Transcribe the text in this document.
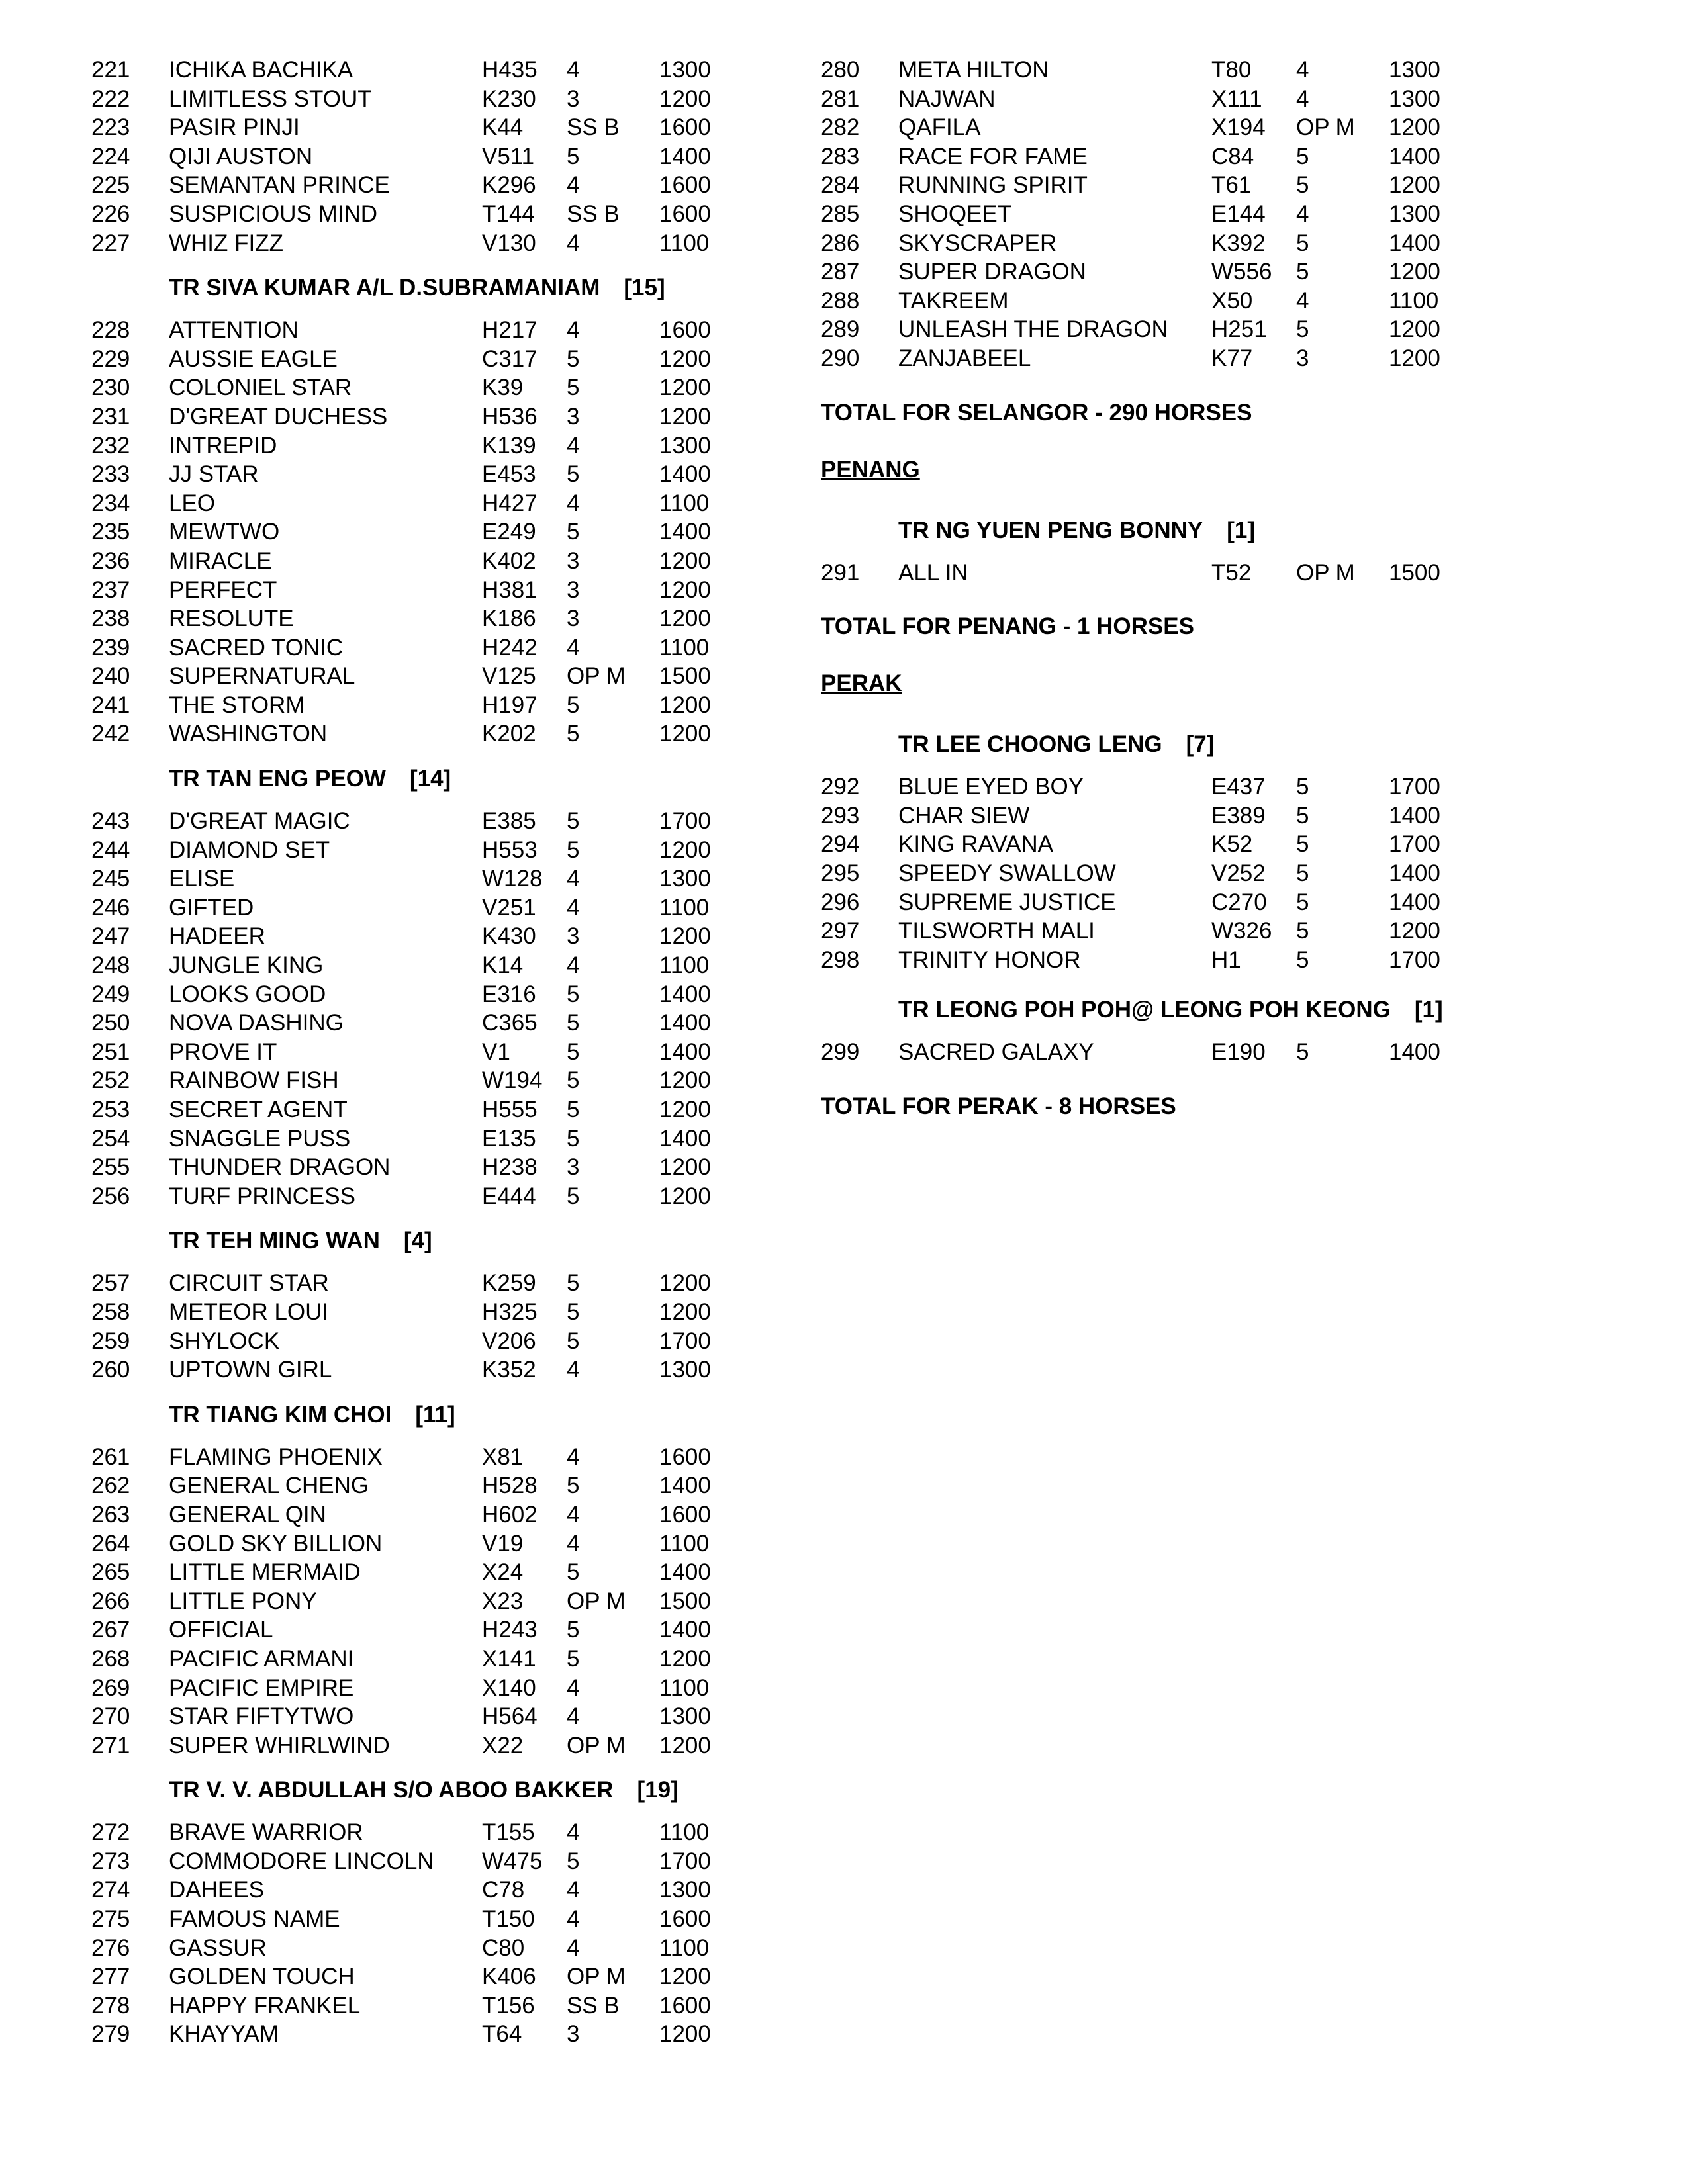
221 ICHIKA BACHIKA	H435 4	1300
222 LIMITLESS STOUT	K230 3	1200
223 PASIR PINJI	K44 SS B 1600
224 QIJI AUSTON	V511 5	1400
225 SEMANTAN PRINCE	K296 4	1600
226 SUSPICIOUS MIND	T144 SS B 1600
227 WHIZ FIZZ	V130 4	1100
TR SIVA KUMAR A/L D.SUBRAMANIAM [15]
228 ATTENTION	H217 4	1600
229 AUSSIE EAGLE	C317 5	1200
230 COLONIEL STAR	K39 5	1200
231 D'GREAT DUCHESS	H536 3	1200
232 INTREPID	K139 4	1300
233 JJ STAR	E453 5	1400
234 LEO	H427 4	1100
235 MEWTWO	E249 5	1400
236 MIRACLE	K402 3	1200
237 PERFECT	H381 3	1200
238 RESOLUTE	K186 3	1200
239 SACRED TONIC	H242 4	1100
240 SUPERNATURAL	V125 OP M 1500
241 THE STORM	H197 5	1200
242 WASHINGTON	K202 5	1200
TR TAN ENG PEOW [14]
243 D'GREAT MAGIC	E385 5	1700
244 DIAMOND SET	H553 5	1200
245 ELISE	W128 4	1300
246 GIFTED	V251 4	1100
247 HADEER	K430 3	1200
248 JUNGLE KING	K14 4	1100
249 LOOKS GOOD	E316 5	1400
250 NOVA DASHING	C365 5	1400
251 PROVE IT	V1 5	1400
252 RAINBOW FISH	W194 5	1200
253 SECRET AGENT	H555 5	1200
254 SNAGGLE PUSS	E135 5	1400
255 THUNDER DRAGON	H238 3	1200
256 TURF PRINCESS	E444 5	1200
TR TEH MING WAN [4]
257 CIRCUIT STAR	K259 5	1200
258 METEOR LOUI	H325 5	1200
259 SHYLOCK	V206 5	1700
260 UPTOWN GIRL	K352 4	1300
TR TIANG KIM CHOI [11]
261 FLAMING PHOENIX	X81 4	1600
262 GENERAL CHENG	H528 5	1400
263 GENERAL QIN	H602 4	1600
264 GOLD SKY BILLION	V19 4	1100
265 LITTLE MERMAID	X24 5	1400
266 LITTLE PONY	X23 OP M 1500
267 OFFICIAL	H243 5	1400
268 PACIFIC ARMANI	X141 5	1200
269 PACIFIC EMPIRE	X140 4	1100
270 STAR FIFTYTWO	H564 4	1300
271 SUPER WHIRLWIND	X22 OP M 1200
TR V. V. ABDULLAH S/O ABOO BAKKER [19]
272 BRAVE WARRIOR	T155 4	1100
273 COMMODORE LINCOLN W475 5	1700
274 DAHEES	C78 4	1300
275 FAMOUS NAME	T150 4	1600
276 GASSUR	C80 4	1100
277 GOLDEN TOUCH	K406 OP M 1200
278 HAPPY FRANKEL	T156 SS B 1600
279 KHAYYAM	T64 3	1200
280 META HILTON	T80 4	1300
281 NAJWAN	X111 4	1300
282 QAFILA	X194 OP M 1200
283 RACE FOR FAME	C84 5	1400
284 RUNNING SPIRIT	T61 5	1200
285 SHOQEET	E144 4	1300
286 SKYSCRAPER	K392 5	1400
287 SUPER DRAGON	W556 5	1200
288 TAKREEM	X50 4	1100
289 UNLEASH THE DRAGON H251 5	1200
290 ZANJABEEL	K77 3	1200
TOTAL FOR SELANGOR - 290 HORSES
PENANG
TR NG YUEN PENG BONNY [1]
291 ALL IN	T52 OP M 1500
TOTAL FOR PENANG - 1 HORSES
PERAK
TR LEE CHOONG LENG [7]
292 BLUE EYED BOY	E437 5	1700
293 CHAR SIEW	E389 5	1400
294 KING RAVANA	K52 5	1700
295 SPEEDY SWALLOW	V252 5	1400
296 SUPREME JUSTICE	C270 5	1400
297 TILSWORTH MALI	W326 5	1200
298 TRINITY HONOR	H1 5	1700
TR LEONG POH POH@ LEONG POH KEONG [1]
299 SACRED GALAXY	E190 5	1400
TOTAL FOR PERAK - 8 HORSES
